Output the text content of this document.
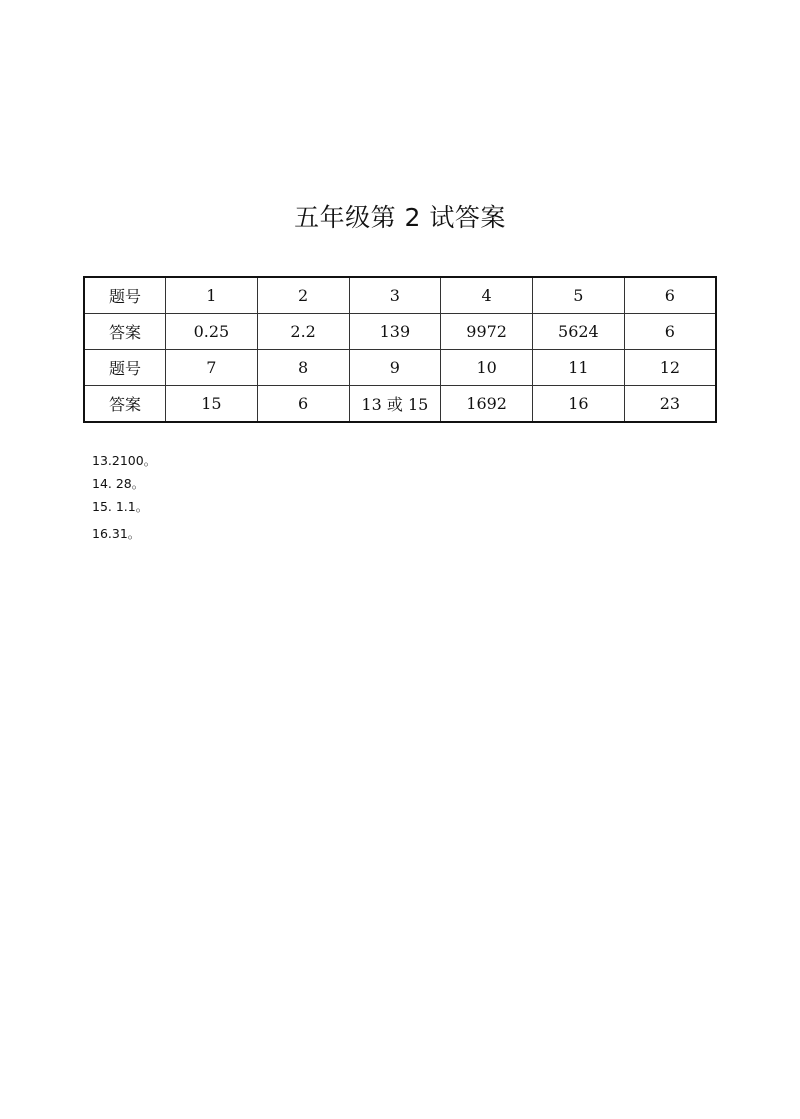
五年级第 2 试答案
题号	1	2	3	4	5	6
答案	0.25	2.2	139	9972	5624	6
题号	7	8	9	10	11	12
答案	15	6	13 或 15	1692	16	23
13.2100。
14. 28。
15. 1.1。
16.31。
